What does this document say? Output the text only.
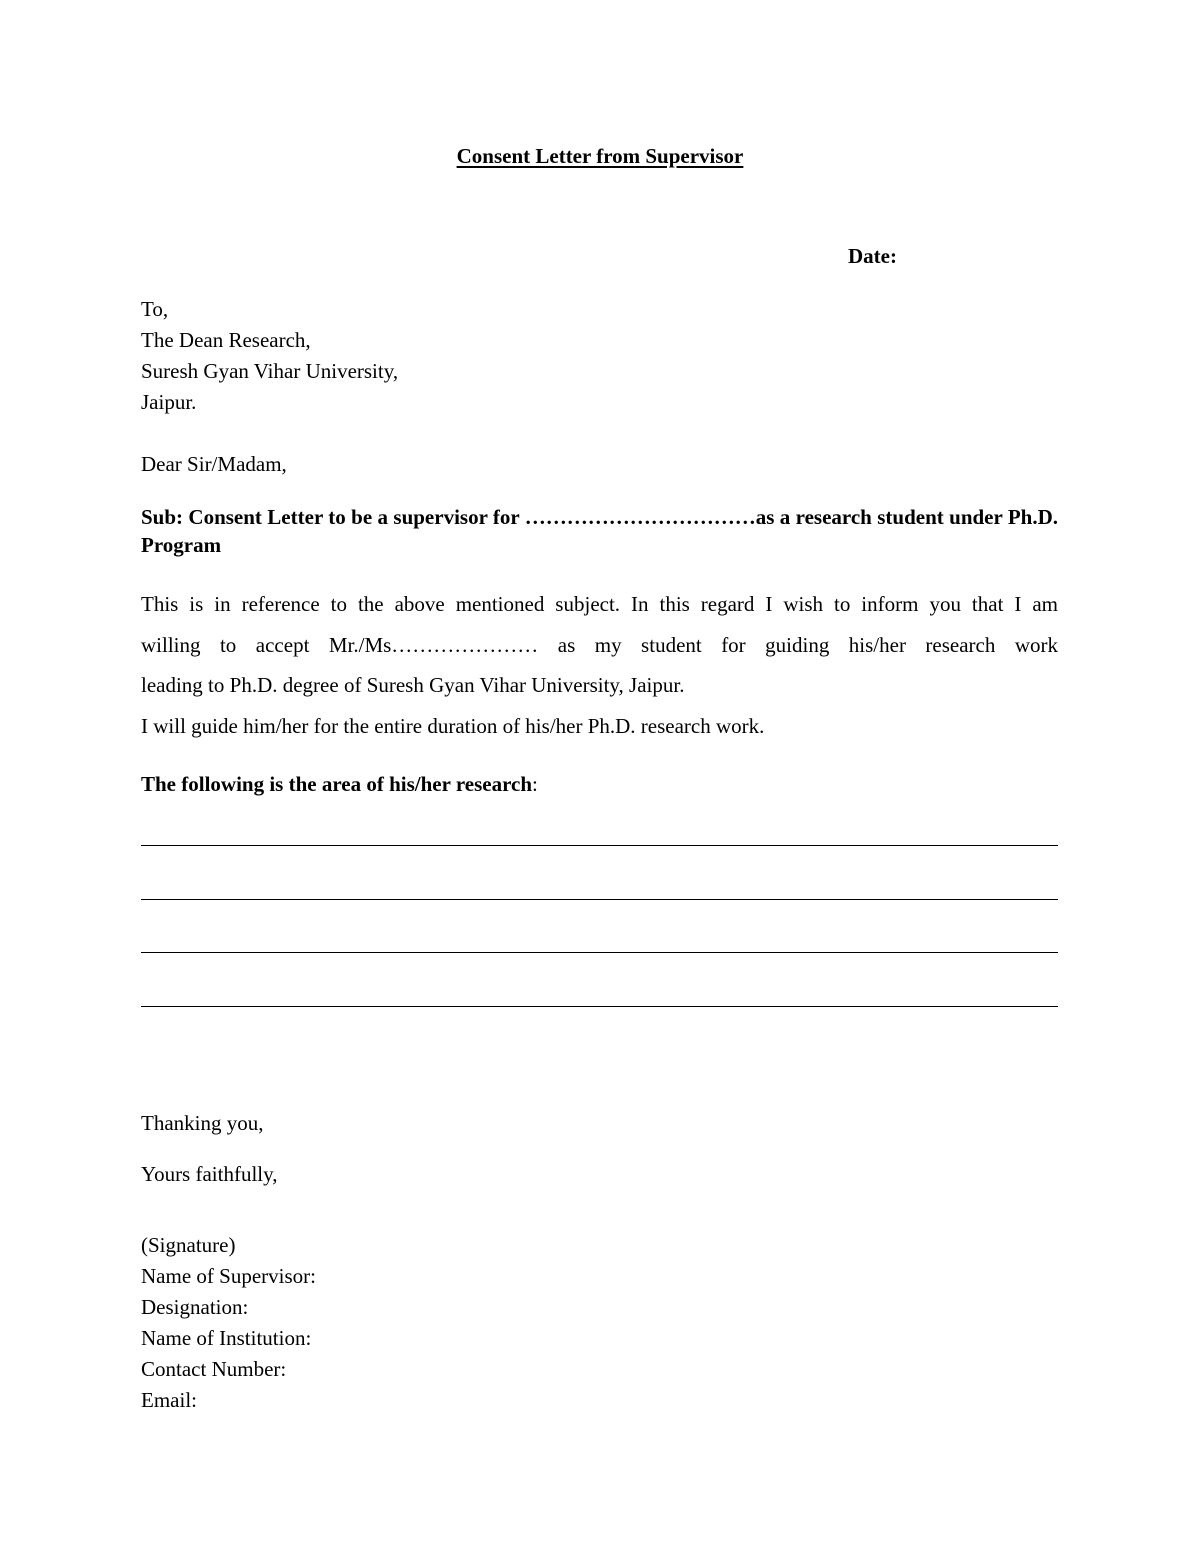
Consent Letter from Supervisor
Date:
To,
The Dean Research,
Suresh Gyan Vihar University,
Jaipur.
Dear Sir/Madam,
Sub: Consent Letter to be a supervisor for ……………………………as a research student under Ph.D. Program
This is in reference to the above mentioned subject. In this regard I wish to inform you that I am
willing to accept Mr./Ms………………… as my student for guiding his/her research work
leading to Ph.D. degree of Suresh Gyan Vihar University, Jaipur.
I will guide him/her for the entire duration of his/her Ph.D. research work.
The following is the area of his/her research:
Thanking you,
Yours faithfully,
(Signature)
Name of Supervisor:
Designation:
Name of Institution:
Contact Number:
Email:
